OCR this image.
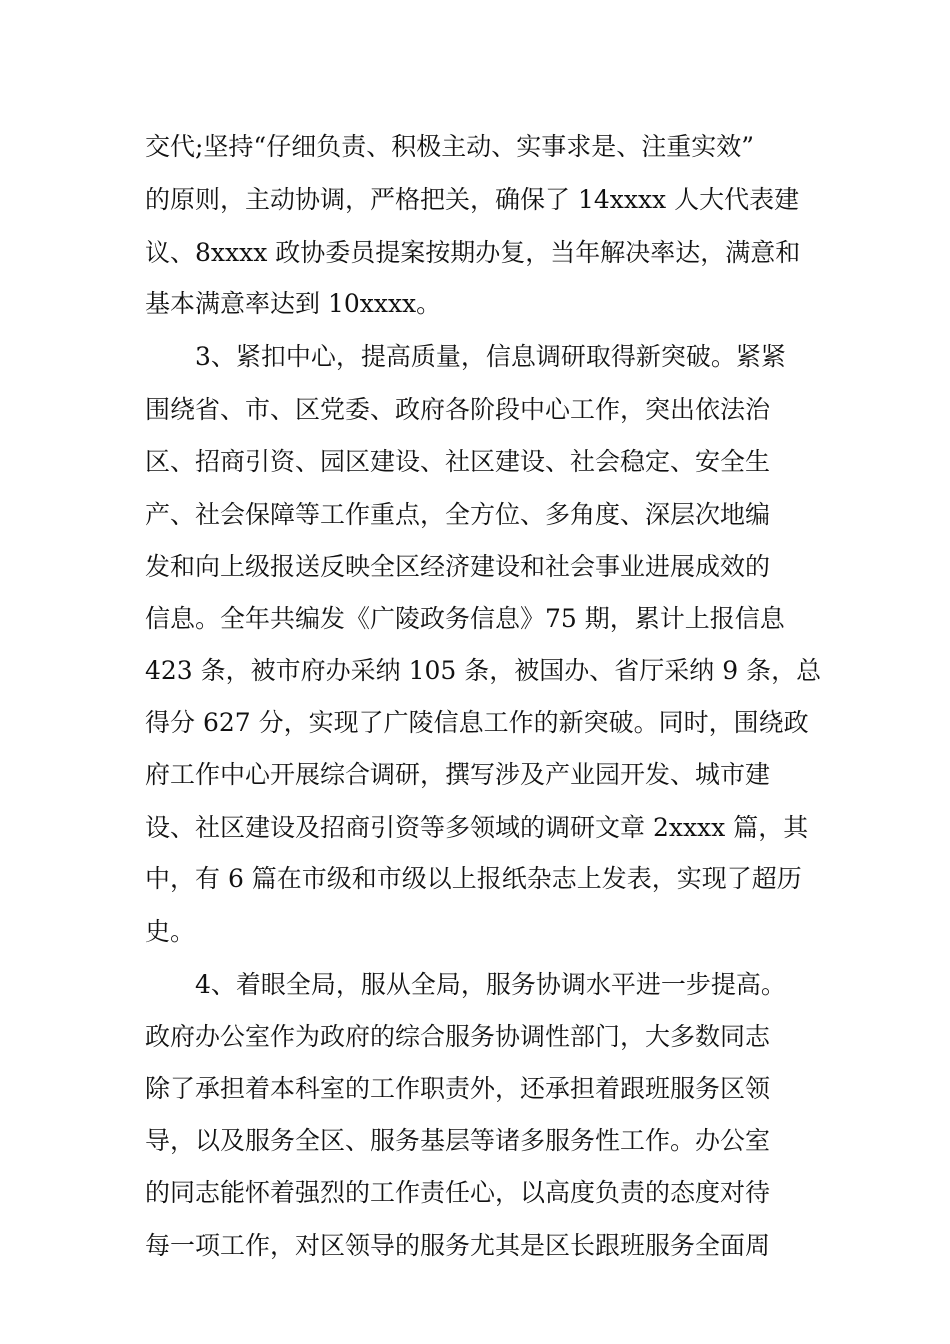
交代;坚持“仔细负责、积极主动、实事求是、注重实效”
的原则，主动协调，严格把关，确保了 14xxxx 人大代表建
议、8xxxx 政协委员提案按期办复，当年解决率达，满意和
基本满意率达到 10xxxx。
3、紧扣中心，提高质量，信息调研取得新突破。紧紧
围绕省、市、区党委、政府各阶段中心工作，突出依法治
区、招商引资、园区建设、社区建设、社会稳定、安全生
产、社会保障等工作重点，全方位、多角度、深层次地编
发和向上级报送反映全区经济建设和社会事业进展成效的
信息。全年共编发《广陵政务信息》75 期，累计上报信息
423 条，被市府办采纳 105 条，被国办、省厅采纳 9 条，总
得分 627 分，实现了广陵信息工作的新突破。同时，围绕政
府工作中心开展综合调研，撰写涉及产业园开发、城市建
设、社区建设及招商引资等多领域的调研文章 2xxxx 篇，其
中，有 6 篇在市级和市级以上报纸杂志上发表，实现了超历
史。
4、着眼全局，服从全局，服务协调水平进一步提高。
政府办公室作为政府的综合服务协调性部门，大多数同志
除了承担着本科室的工作职责外，还承担着跟班服务区领
导，以及服务全区、服务基层等诸多服务性工作。办公室
的同志能怀着强烈的工作责任心，以高度负责的态度对待
每一项工作，对区领导的服务尤其是区长跟班服务全面周
